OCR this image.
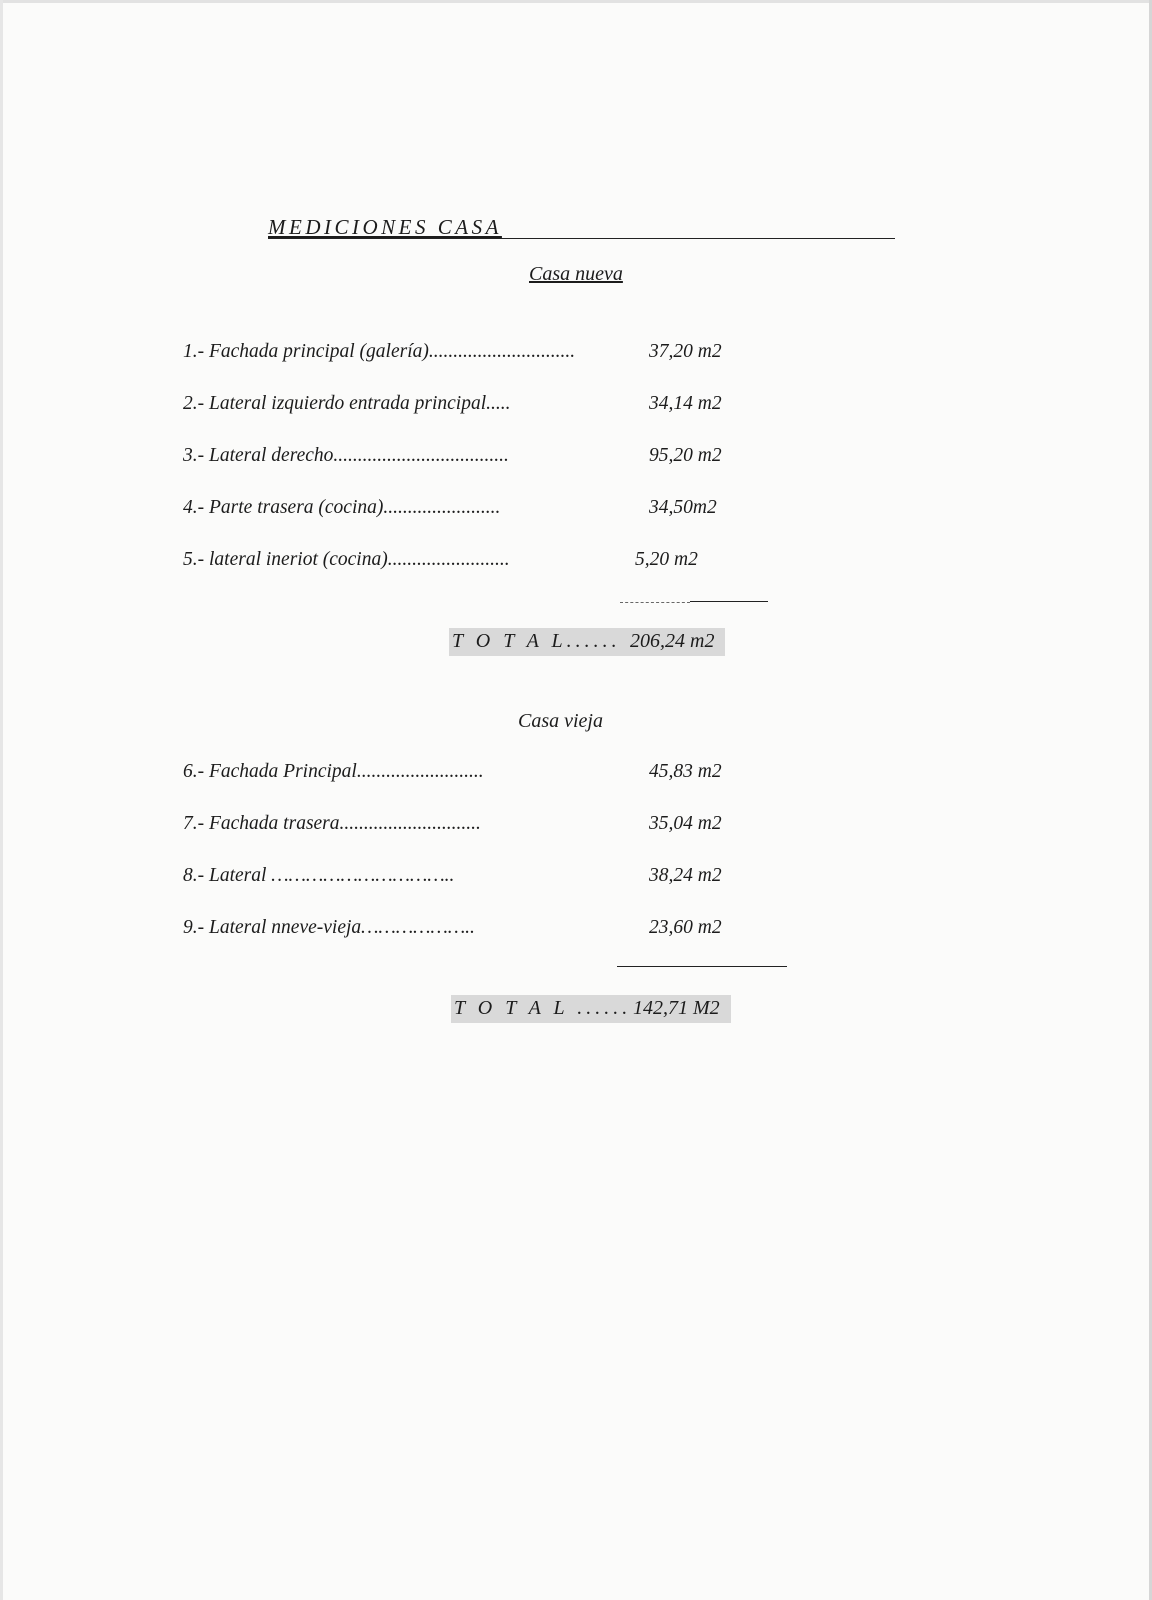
MEDICIONES CASA
Casa nueva
1.- Fachada principal (galería)..............................	37,20 m2
2.- Lateral izquierdo entrada principal.....	34,14 m2
3.- Lateral derecho....................................	95,20 m2
4.- Parte trasera (cocina)........................	34,50m2
5.- lateral ineriot (cocina).........................	5,20 m2
T O T A L...... 206,24 m2
Casa vieja
6.- Fachada Principal..........................	45,83 m2
7.- Fachada trasera.............................	35,04 m2
8.- Lateral …………………………..	38,24 m2
9.- Lateral nneve-vieja………………..	23,60 m2
T O T A L ...... 142,71 M2
